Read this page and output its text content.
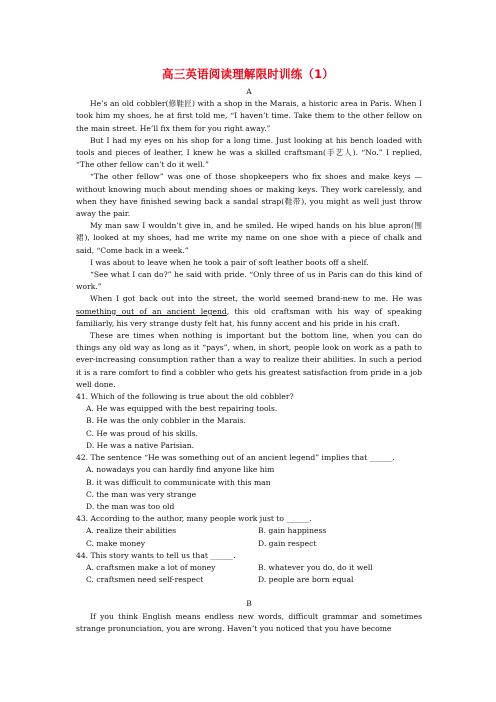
高三英语阅读理解限时训练（1）

A

He’s an old cobbler(修鞋匠) with a shop in the Marais, a historic area in Paris. When I took him my shoes, he at first told me, “I haven’t time. Take them to the other fellow on the main street. He’ll fix them for you right away.”

But I had my eyes on his shop for a long time. Just looking at his bench loaded with tools and pieces of leather, I knew he was a skilled craftsman(手艺人). “No.” I replied, “The other fellow can’t do it well.”

“The other fellow” was one of those shopkeepers who fix shoes and make keys — without knowing much about mending shoes or making keys. They work carelessly, and when they have finished sewing back a sandal strap(鞋带), you might as well just throw away the pair.

My man saw I wouldn’t give in, and he smiled. He wiped hands on his blue apron(围裙), looked at my shoes, had me write my name on one shoe with a piece of chalk and said, “Come back in a week.”

I was about to leave when he took a pair of soft leather boots off a shelf.

“See what I can do?” he said with pride. “Only three of us in Paris can do this kind of work.”

When I got back out into the street, the world seemed brand-new to me. He was something out of an ancient legend, this old craftsman with his way of speaking familiarly, his very strange dusty felt hat, his funny accent and his pride in his craft.

These are times when nothing is important but the bottom line, when you can do things any old way as long as it “pays”, when, in short, people look on work as a path to ever-increasing consumption rather than a way to realize their abilities. In such a period it is a rare comfort to find a cobbler who gets his greatest satisfaction from pride in a job well done.

41. Which of the following is true about the old cobbler?

A. He was equipped with the best repairing tools.

B. He was the only cobbler in the Marais.

C. He was proud of his skills.

D. He was a native Parisian.

42. The sentence “He was something out of an ancient legend” implies that ______.

A. nowadays you can hardly find anyone like him

B. it was difficult to communicate with this man

C. the man was very strange

D. the man was too old

43. According to the author, many people work just to ______.

A. realize their abilities	B. gain happiness
C. make money	D. gain respect

44. This story wants to tell us that ______.

A. craftsmen make a lot of money	B. whatever you do, do it well
C. craftsmen need self-respect	D. people are born equal

B

If you think English means endless new words, difficult grammar and sometimes strange pronunciation, you are wrong. Haven’t you noticed that you have become
